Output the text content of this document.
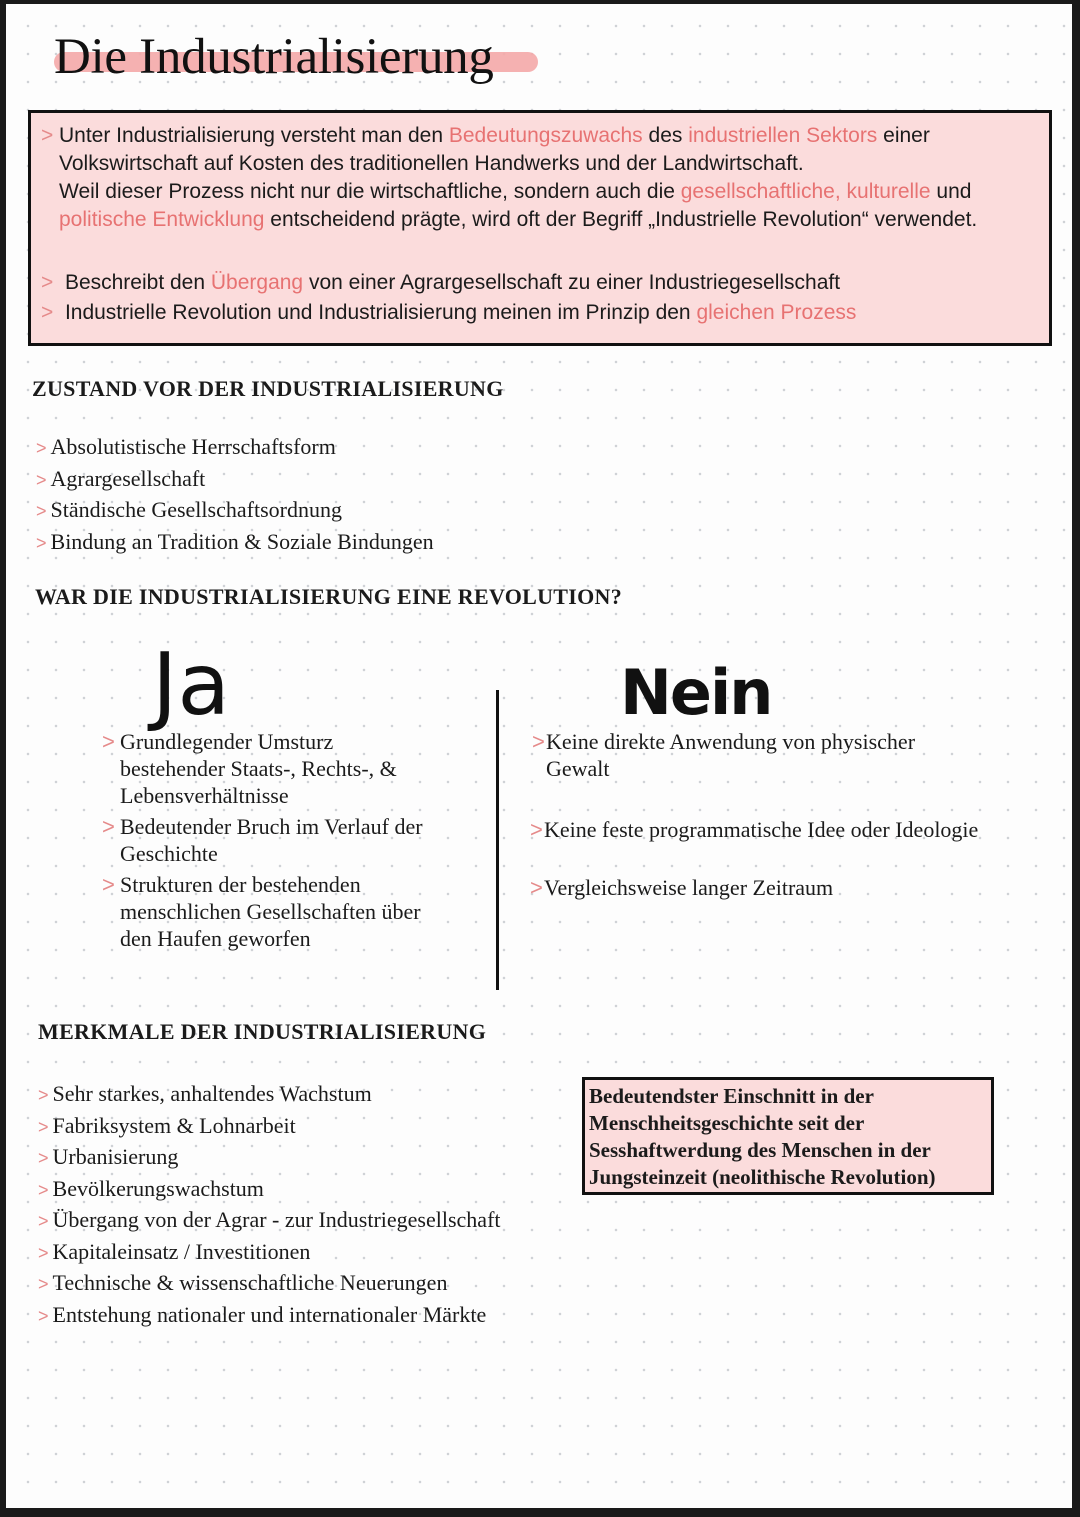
Die Industrialisierung
> Unter Industrialisierung versteht man den Bedeutungszuwachs des industriellen Sektors einer Volkswirtschaft auf Kosten des traditionellen Handwerks und der Landwirtschaft.
Weil dieser Prozess nicht nur die wirtschaftliche, sondern auch die gesellschaftliche, kulturelle und politische Entwicklung entscheidend prägte, wird oft der Begriff „Industrielle Revolution“ verwendet.
> Beschreibt den Übergang von einer Agrargesellschaft zu einer Industriegesellschaft
> Industrielle Revolution und Industrialisierung meinen im Prinzip den gleichen Prozess
ZUSTAND VOR DER INDUSTRIALISIERUNG
> Absolutistische Herrschaftsform
> Agrargesellschaft
> Ständische Gesellschaftsordnung
> Bindung an Tradition & Soziale Bindungen
WAR DIE INDUSTRIALISIERUNG EINE REVOLUTION?
Ja	Nein
> Grundlegender Umsturz
bestehender Staats-, Rechts-, &
Lebensverhältnisse
> Bedeutender Bruch im Verlauf der
Geschichte
> Strukturen der bestehenden
menschlichen Gesellschaften über
den Haufen geworfen
> Keine direkte Anwendung von physischer
Gewalt
> Keine feste programmatische Idee oder Ideologie
> Vergleichsweise langer Zeitraum
MERKMALE DER INDUSTRIALISIERUNG
> Sehr starkes, anhaltendes Wachstum
> Fabriksystem & Lohnarbeit
> Urbanisierung
> Bevölkerungswachstum
> Übergang von der Agrar - zur Industriegesellschaft
> Kapitaleinsatz / Investitionen
> Technische & wissenschaftliche Neuerungen
> Entstehung nationaler und internationaler Märkte
Bedeutendster Einschnitt in der
Menschheitsgeschichte seit der
Sesshaftwerdung des Menschen in der
Jungsteinzeit (neolithische Revolution)
